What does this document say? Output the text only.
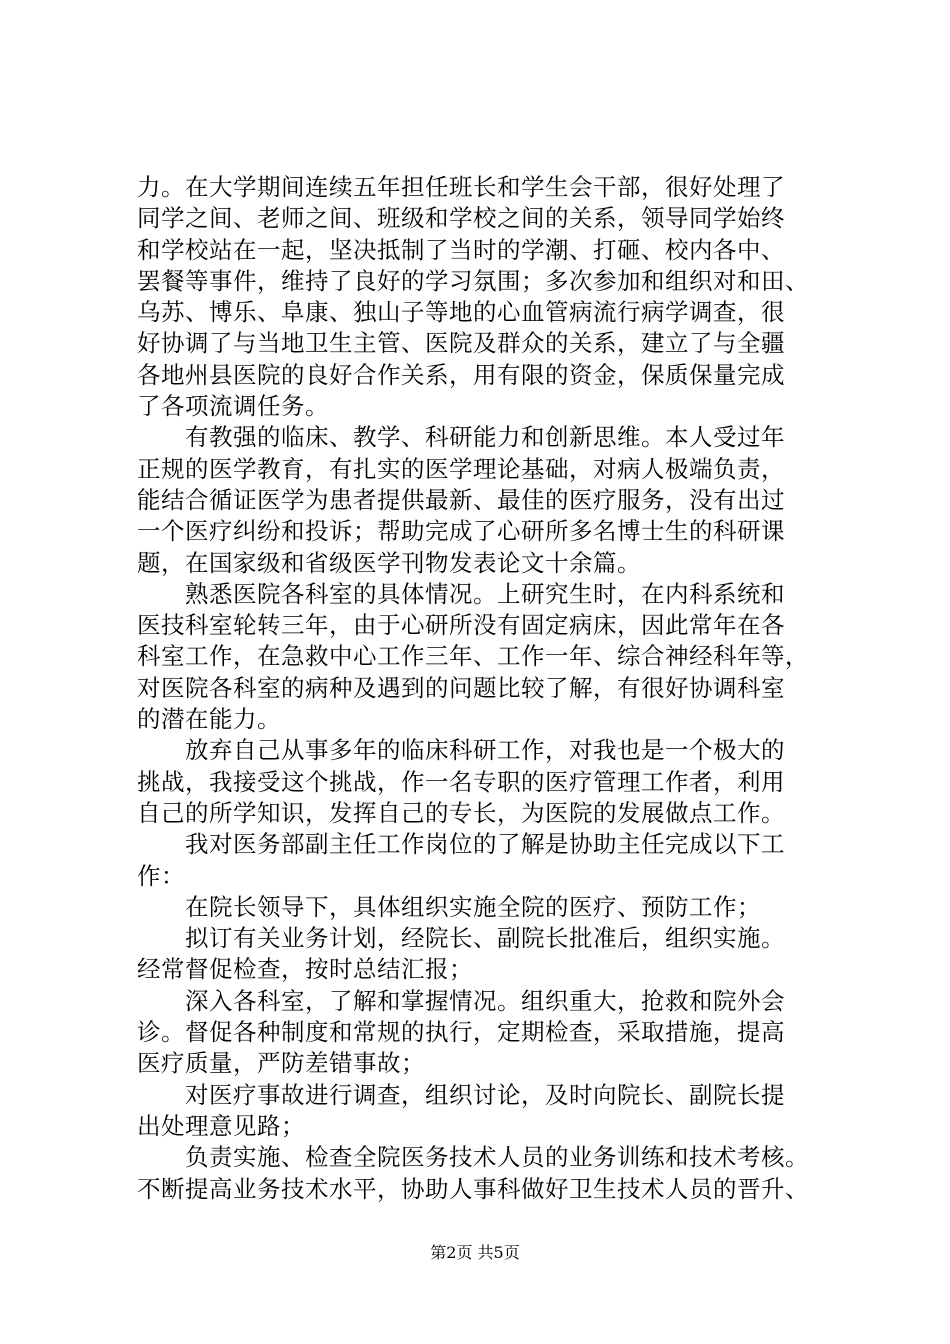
力。在大学期间连续五年担任班长和学生会干部，很好处理了
同学之间、老师之间、班级和学校之间的关系，领导同学始终
和学校站在一起，坚决抵制了当时的学潮、打砸、校内各中、
罢餐等事件，维持了良好的学习氛围；多次参加和组织对和田、
乌苏、博乐、阜康、独山子等地的心血管病流行病学调查，很
好协调了与当地卫生主管、医院及群众的关系，建立了与全疆
各地州县医院的良好合作关系，用有限的资金，保质保量完成
了各项流调任务。
　　有教强的临床、教学、科研能力和创新思维。本人受过年
正规的医学教育，有扎实的医学理论基础，对病人极端负责，
能结合循证医学为患者提供最新、最佳的医疗服务，没有出过
一个医疗纠纷和投诉；帮助完成了心研所多名博士生的科研课
题，在国家级和省级医学刊物发表论文十余篇。
　　熟悉医院各科室的具体情况。上研究生时，在内科系统和
医技科室轮转三年，由于心研所没有固定病床，因此常年在各
科室工作，在急救中心工作三年、工作一年、综合神经科年等，
对医院各科室的病种及遇到的问题比较了解，有很好协调科室
的潜在能力。
　　放弃自己从事多年的临床科研工作，对我也是一个极大的
挑战，我接受这个挑战，作一名专职的医疗管理工作者，利用
自己的所学知识，发挥自己的专长，为医院的发展做点工作。
　　我对医务部副主任工作岗位的了解是协助主任完成以下工
作：
　　在院长领导下，具体组织实施全院的医疗、预防工作；
　　拟订有关业务计划，经院长、副院长批准后，组织实施。
经常督促检查，按时总结汇报；
　　深入各科室，了解和掌握情况。组织重大，抢救和院外会
诊。督促各种制度和常规的执行，定期检查，采取措施，提高
医疗质量，严防差错事故；
　　对医疗事故进行调查，组织讨论，及时向院长、副院长提
出处理意见路；
　　负责实施、检查全院医务技术人员的业务训练和技术考核。
不断提高业务技术水平，协助人事科做好卫生技术人员的晋升、
第2页 共5页
